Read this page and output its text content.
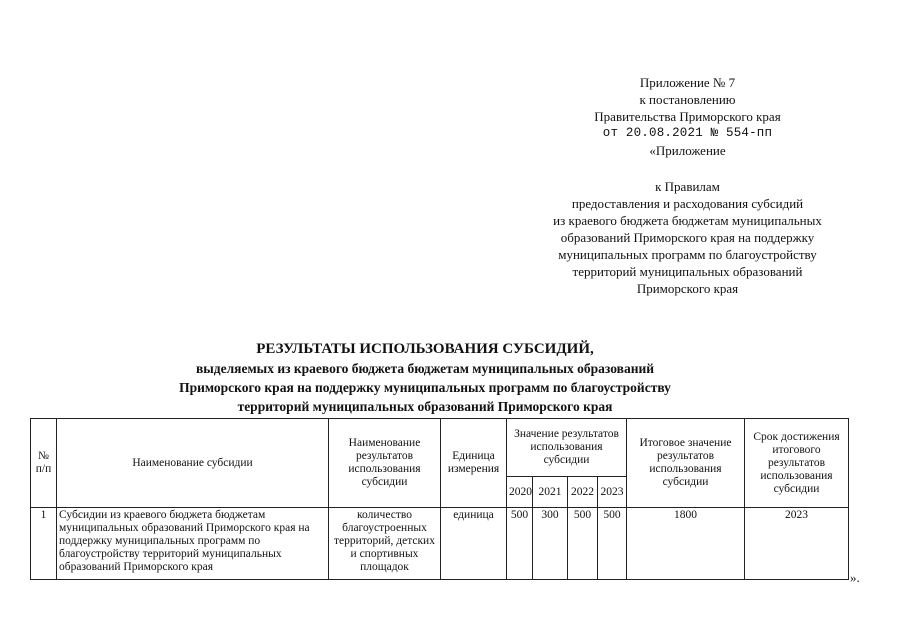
Приложение № 7
к постановлению
Правительства Приморского края
от 20.08.2021 № 554-пп
«Приложение
к Правилам
предоставления и расходования субсидий
из краевого бюджета бюджетам муниципальных
образований Приморского края на поддержку
муниципальных программ по благоустройству
территорий муниципальных образований
Приморского края
РЕЗУЛЬТАТЫ ИСПОЛЬЗОВАНИЯ СУБСИДИЙ,
выделяемых из краевого бюджета бюджетам муниципальных образований
Приморского края на поддержку муниципальных программ по благоустройству
территорий муниципальных образований Приморского края
№ п/п	Наименование субсидии	Наименование результатов использования субсидии	Единица измерения	Значение результатов использования субсидии				Итоговое значение результатов использования субсидии	Срок достижения итогового результатов использования субсидии
				2020	2021	2022	2023		
1	Субсидии из краевого бюджета бюджетам муниципальных образований Приморского края на поддержку муниципальных программ по благоустройству территорий муниципальных образований Приморского края	количество благоустроенных территорий, детских и спортивных площадок	единица	500	300	500	500	1800	2023
».
